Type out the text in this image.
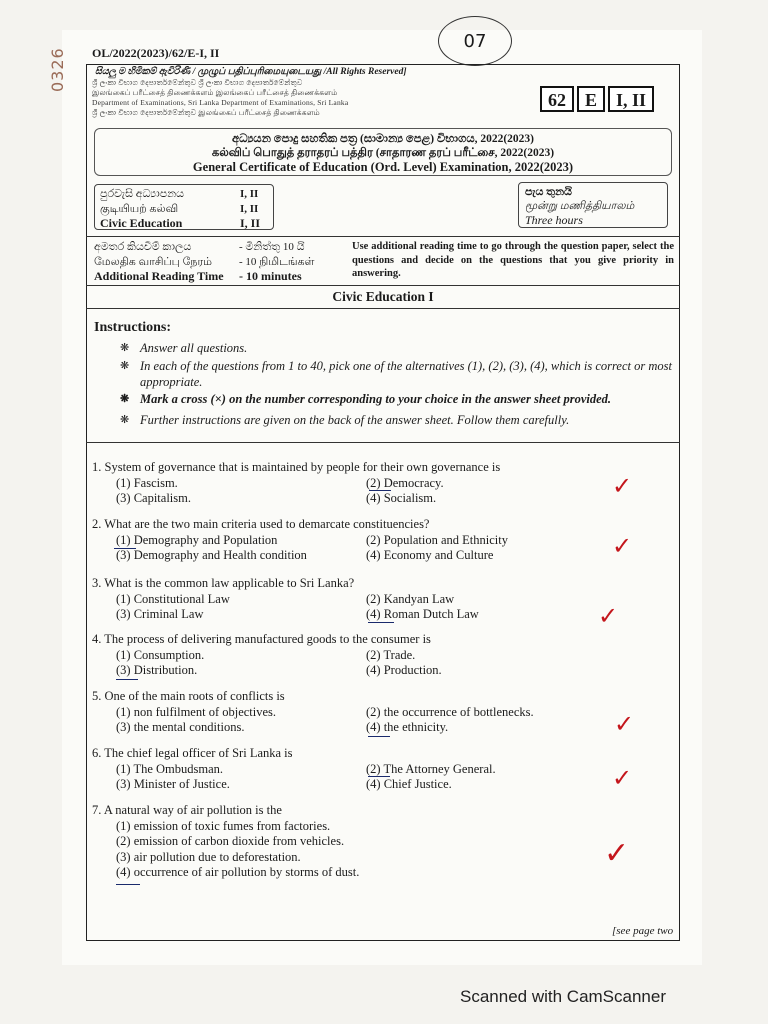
0326
07
OL/2022(2023)/62/E-I, II
සියලු ම හිමිකම් ඇවිරිණි / முழுப் பதிப்புரிமையுடையது /All Rights Reserved]
ශ්‍රී ලංකා විභාග දෙපාර්තමේන්තුව ශ්‍රී ලංකා විභාග දෙපාර්තමේන්තුව
இலங்கைப் பரீட்சைத் திணைக்களம் இலங்கைப் பரீட்சைத் திணைக்களம்
Department of Examinations, Sri Lanka Department of Examinations, Sri Lanka
ශ්‍රී ලංකා විභාග දෙපාර්තමේන්තුව இலங்கைப் பரீட்சைத் திணைக்களம்
62	E	I, II
අධ්‍යයන පොදු සහතික පත්‍ර (සාමාන්‍ය පෙළ) විභාගය, 2022(2023)
கல்விப் பொதுத் தராதரப் பத்திர (சாதாரண தரப் பரீட்சை, 2022(2023)
General Certificate of Education (Ord. Level) Examination, 2022(2023)
පුරවැසි අධ්‍යාපනය	I, II
குடியியற் கல்வி	I, II
Civic Education	I, II
පැය තුනයි
மூன்று மணித்தியாலம்
Three hours
අමතර කියවීම් කාලය	- මිනිත්තු 10 යි
மேலதிக வாசிப்பு நேரம்	- 10 நிமிடங்கள்
Additional Reading Time	- 10 minutes
Use additional reading time to go through the question paper, select the questions and decide on the questions that you give priority in answering.
Civic Education I
Instructions:
❋ Answer all questions.
❋ In each of the questions from 1 to 40, pick one of the alternatives (1), (2), (3), (4), which is correct or most appropriate.
❋ Mark a cross (×) on the number corresponding to your choice in the answer sheet provided.
❋ Further instructions are given on the back of the answer sheet. Follow them carefully.
1. System of governance that is maintained by people for their own governance is
(1) Fascism.	(2) Democracy.
(3) Capitalism.	(4) Socialism.
2. What are the two main criteria used to demarcate constituencies?
(1) Demography and Population	(2) Population and Ethnicity
(3) Demography and Health condition	(4) Economy and Culture
3. What is the common law applicable to Sri Lanka?
(1) Constitutional Law	(2) Kandyan Law
(3) Criminal Law	(4) Roman Dutch Law
4. The process of delivering manufactured goods to the consumer is
(1) Consumption.	(2) Trade.
(3) Distribution.	(4) Production.
5. One of the main roots of conflicts is
(1) non fulfilment of objectives.	(2) the occurrence of bottlenecks.
(3) the mental conditions.	(4) the ethnicity.
6. The chief legal officer of Sri Lanka is
(1) The Ombudsman.	(2) The Attorney General.
(3) Minister of Justice.	(4) Chief Justice.
7. A natural way of air pollution is the
(1) emission of toxic fumes from factories.
(2) emission of carbon dioxide from vehicles.
(3) air pollution due to deforestation.
(4) occurrence of air pollution by storms of dust.
✓
✓
✓
✓
✓
✓
[see page two
Scanned with CamScanner
